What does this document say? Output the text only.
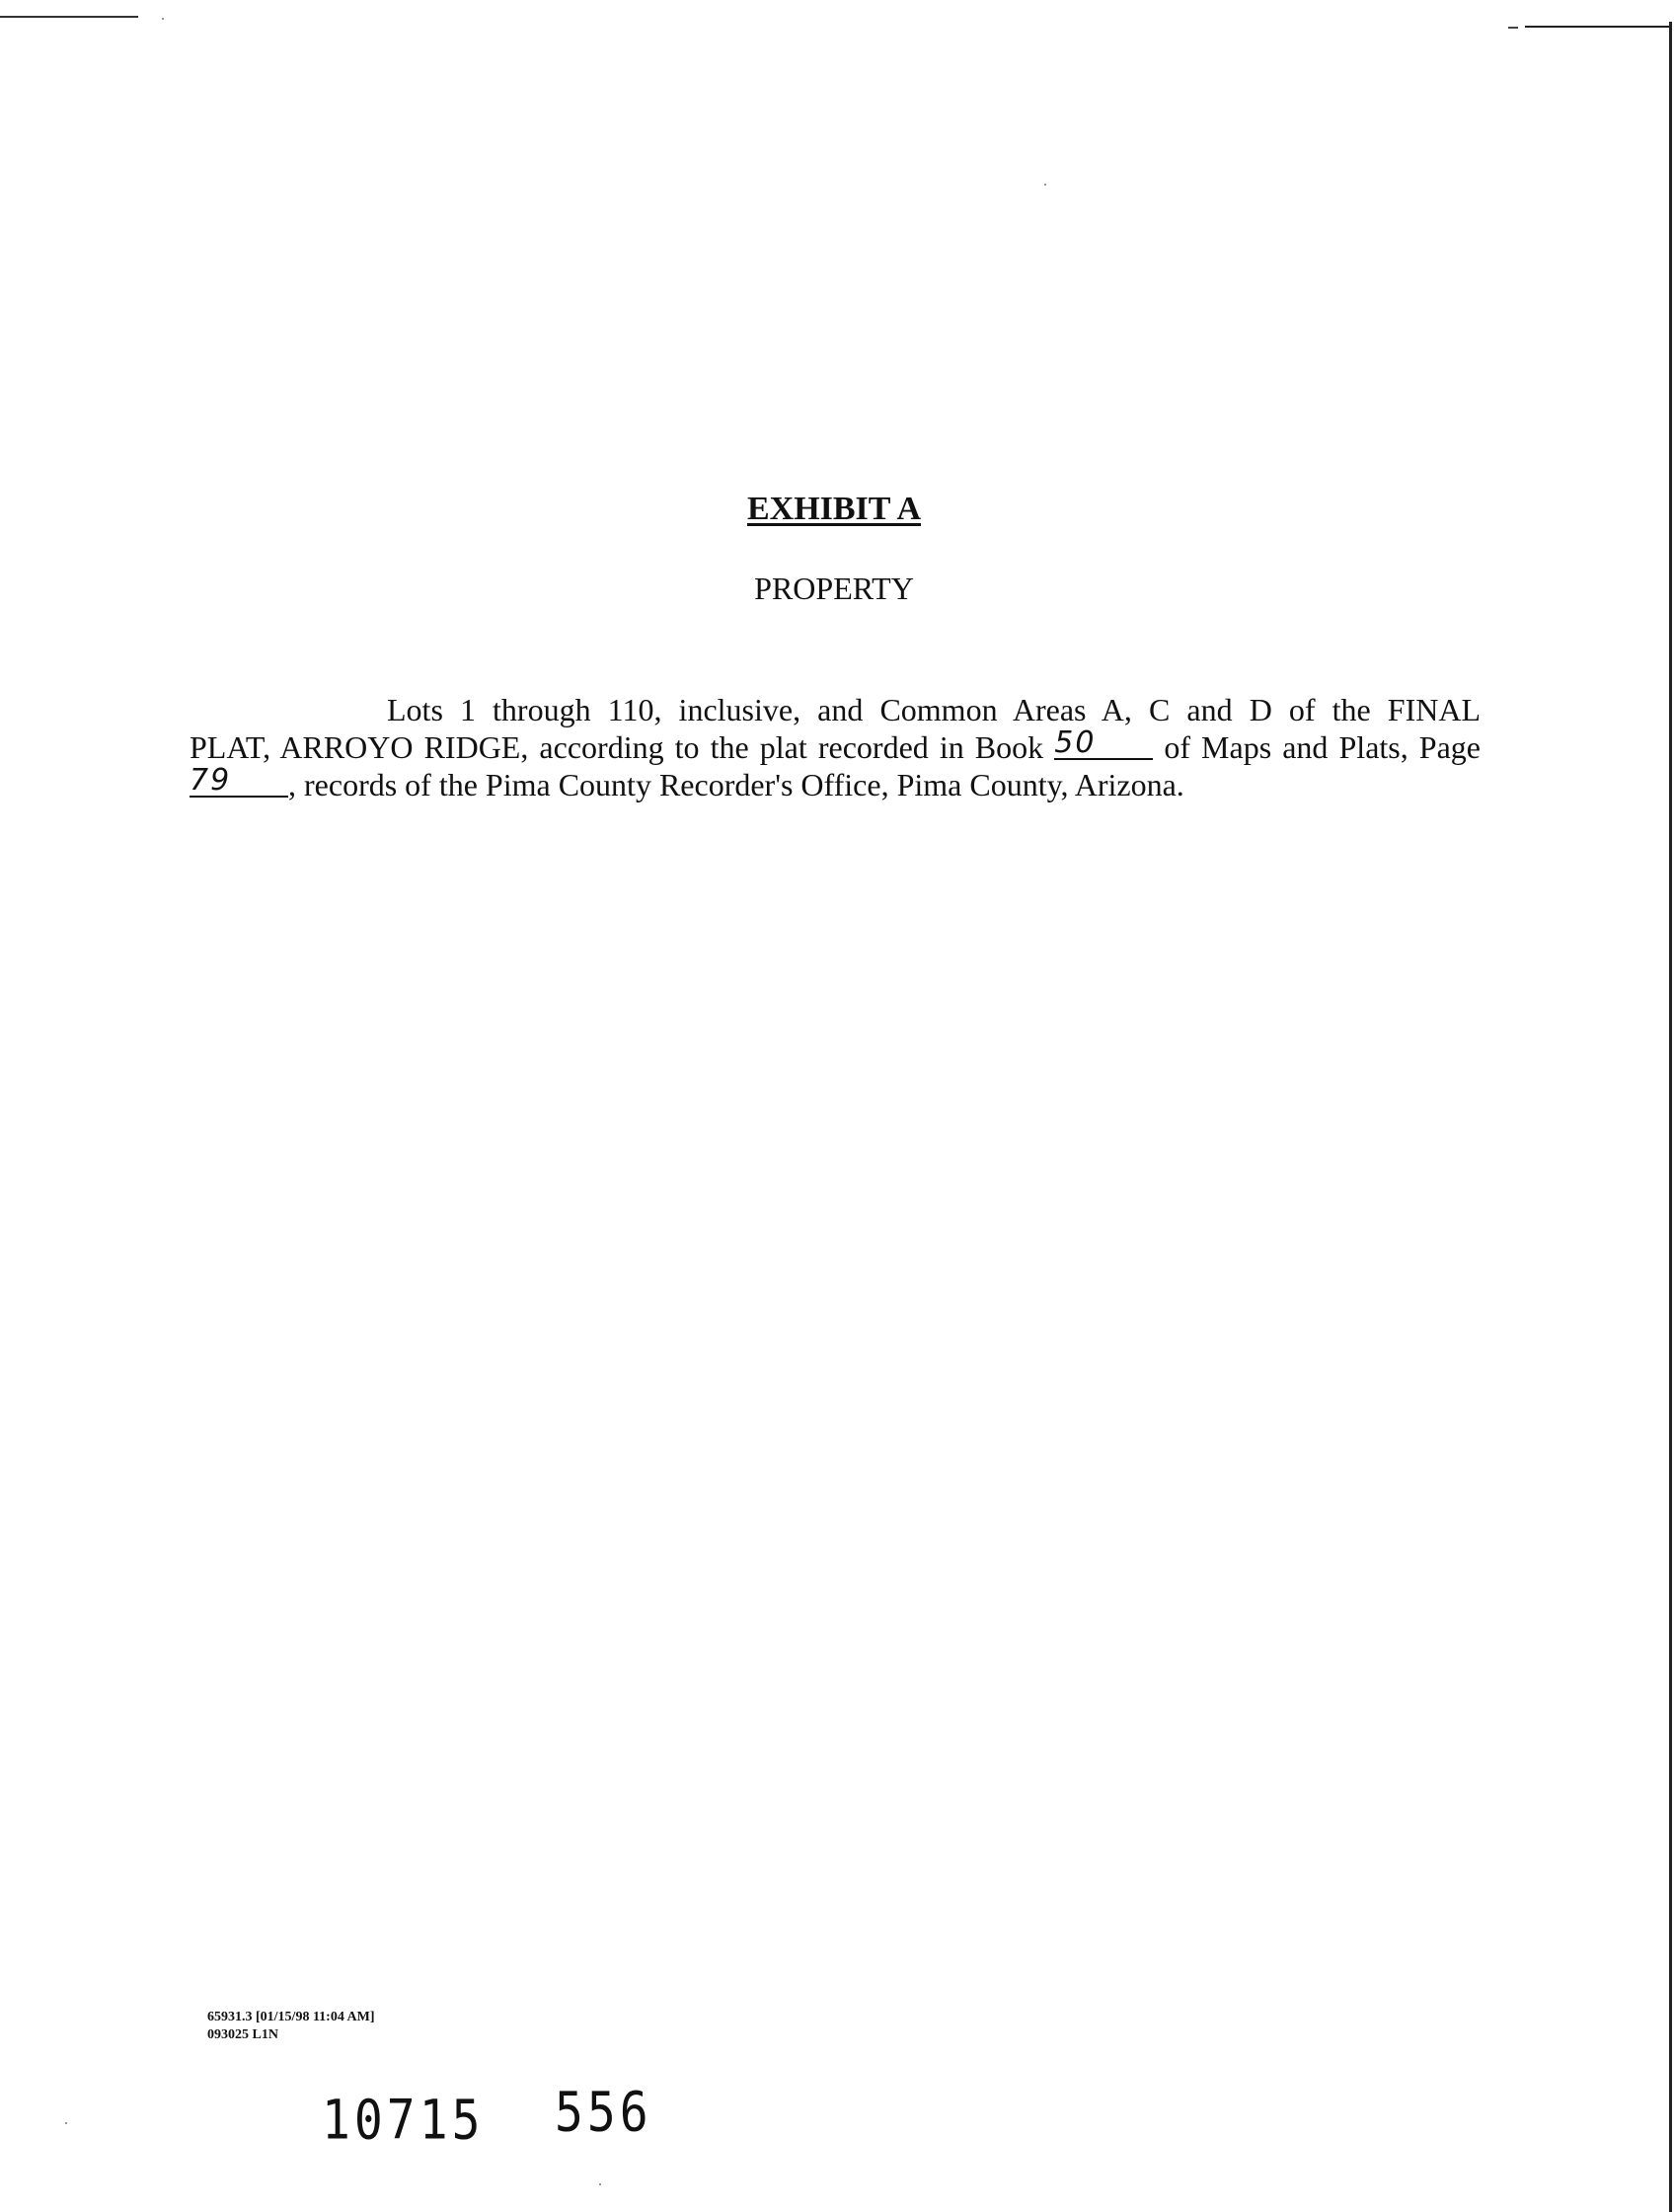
EXHIBIT A
PROPERTY
Lots 1 through 110, inclusive, and Common Areas A, C and D of the FINAL
PLAT, ARROYO RIDGE, according to the plat recorded in Book 50 of Maps and Plats, Page
79 , records of the Pima County Recorder's Office, Pima County, Arizona.
65931.3 [01/15/98 11:04 AM]
093025 L1N
10715 556
